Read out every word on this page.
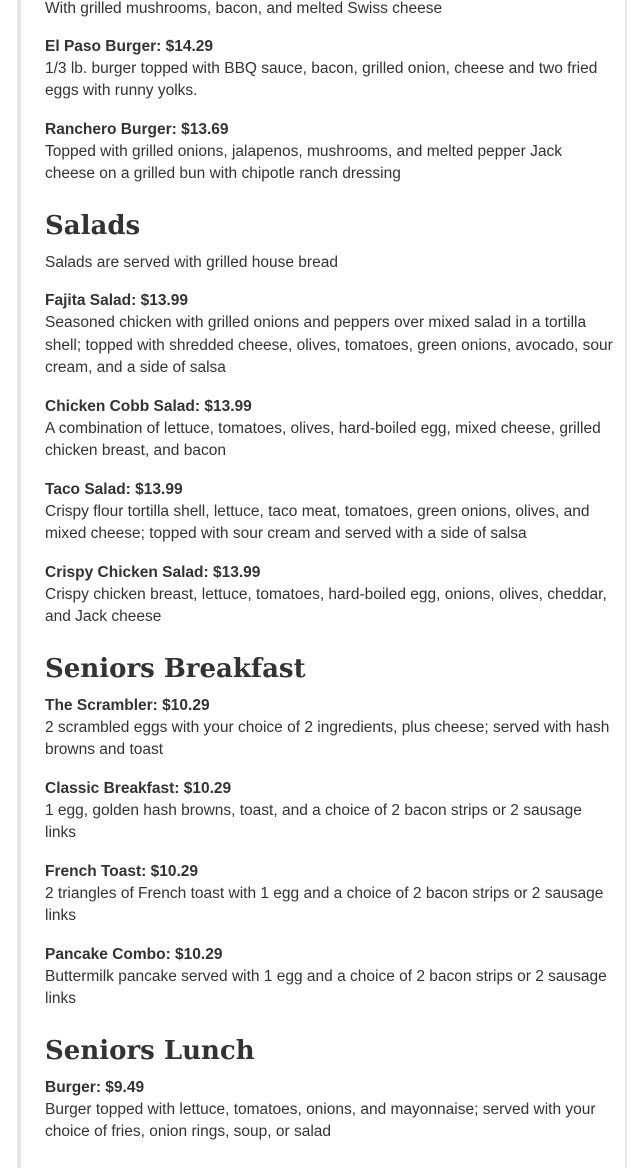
With grilled mushrooms, bacon, and melted Swiss cheese

El Paso Burger: $14.29

1/3 lb. burger topped with BBQ sauce, bacon, grilled onion, cheese and two fried eggs with runny yolks.

Ranchero Burger: $13.69

Topped with grilled onions, jalapenos, mushrooms, and melted pepper Jack cheese on a grilled bun with chipotle ranch dressing

Salads

Salads are served with grilled house bread

Fajita Salad: $13.99

Seasoned chicken with grilled onions and peppers over mixed salad in a tortilla shell; topped with shredded cheese, olives, tomatoes, green onions, avocado, sour cream, and a side of salsa

Chicken Cobb Salad: $13.99

A combination of lettuce, tomatoes, olives, hard-boiled egg, mixed cheese, grilled chicken breast, and bacon

Taco Salad: $13.99

Crispy flour tortilla shell, lettuce, taco meat, tomatoes, green onions, olives, and mixed cheese; topped with sour cream and served with a side of salsa

Crispy Chicken Salad: $13.99

Crispy chicken breast, lettuce, tomatoes, hard-boiled egg, onions, olives, cheddar, and Jack cheese

Seniors Breakfast

The Scrambler: $10.29

2 scrambled eggs with your choice of 2 ingredients, plus cheese; served with hash browns and toast

Classic Breakfast: $10.29

1 egg, golden hash browns, toast, and a choice of 2 bacon strips or 2 sausage links

French Toast: $10.29

2 triangles of French toast with 1 egg and a choice of 2 bacon strips or 2 sausage links

Pancake Combo: $10.29

Buttermilk pancake served with 1 egg and a choice of 2 bacon strips or 2 sausage links

Seniors Lunch

Burger: $9.49

Burger topped with lettuce, tomatoes, onions, and mayonnaise; served with your choice of fries, onion rings, soup, or salad
